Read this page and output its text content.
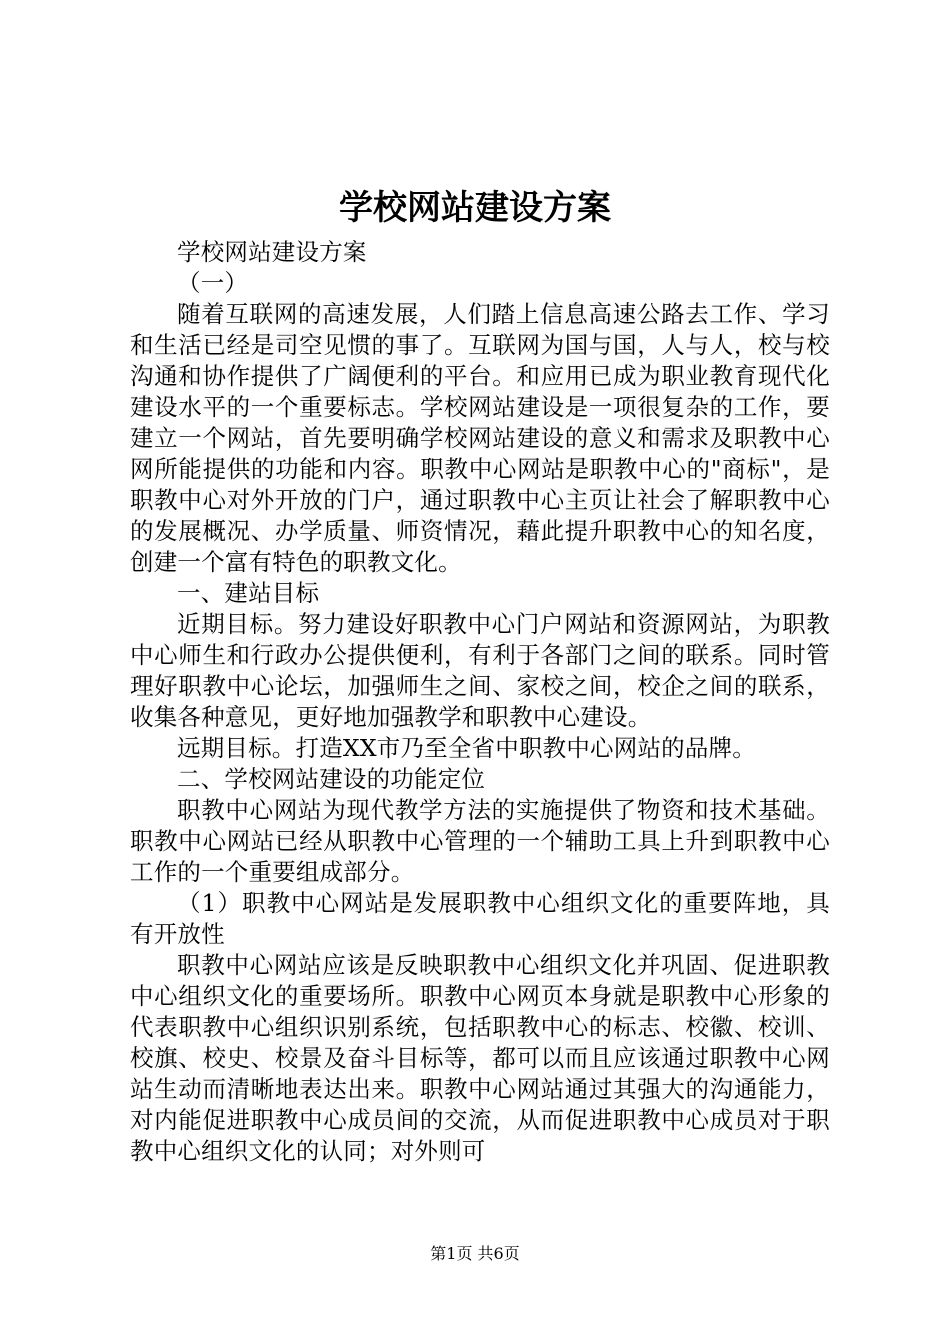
学校网站建设方案

学校网站建设方案

（一）

随着互联网的高速发展，人们踏上信息高速公路去工作、学习和生活已经是司空见惯的事了。互联网为国与国，人与人，校与校沟通和协作提供了广阔便利的平台。和应用已成为职业教育现代化建设水平的一个重要标志。学校网站建设是一项很复杂的工作，要建立一个网站，首先要明确学校网站建设的意义和需求及职教中心网所能提供的功能和内容。职教中心网站是职教中心的"商标"，是职教中心对外开放的门户，通过职教中心主页让社会了解职教中心的发展概况、办学质量、师资情况，藉此提升职教中心的知名度，创建一个富有特色的职教文化。

一、建站目标

近期目标。努力建设好职教中心门户网站和资源网站，为职教中心师生和行政办公提供便利，有利于各部门之间的联系。同时管理好职教中心论坛，加强师生之间、家校之间，校企之间的联系，收集各种意见，更好地加强教学和职教中心建设。

远期目标。打造XX市乃至全省中职教中心网站的品牌。

二、学校网站建设的功能定位

职教中心网站为现代教学方法的实施提供了物资和技术基础。职教中心网站已经从职教中心管理的一个辅助工具上升到职教中心工作的一个重要组成部分。

（1）职教中心网站是发展职教中心组织文化的重要阵地，具有开放性

职教中心网站应该是反映职教中心组织文化并巩固、促进职教中心组织文化的重要场所。职教中心网页本身就是职教中心形象的代表职教中心组织识别系统，包括职教中心的标志、校徽、校训、校旗、校史、校景及奋斗目标等，都可以而且应该通过职教中心网站生动而清晰地表达出来。职教中心网站通过其强大的沟通能力，对内能促进职教中心成员间的交流，从而促进职教中心成员对于职教中心组织文化的认同；对外则可

第1页 共6页
